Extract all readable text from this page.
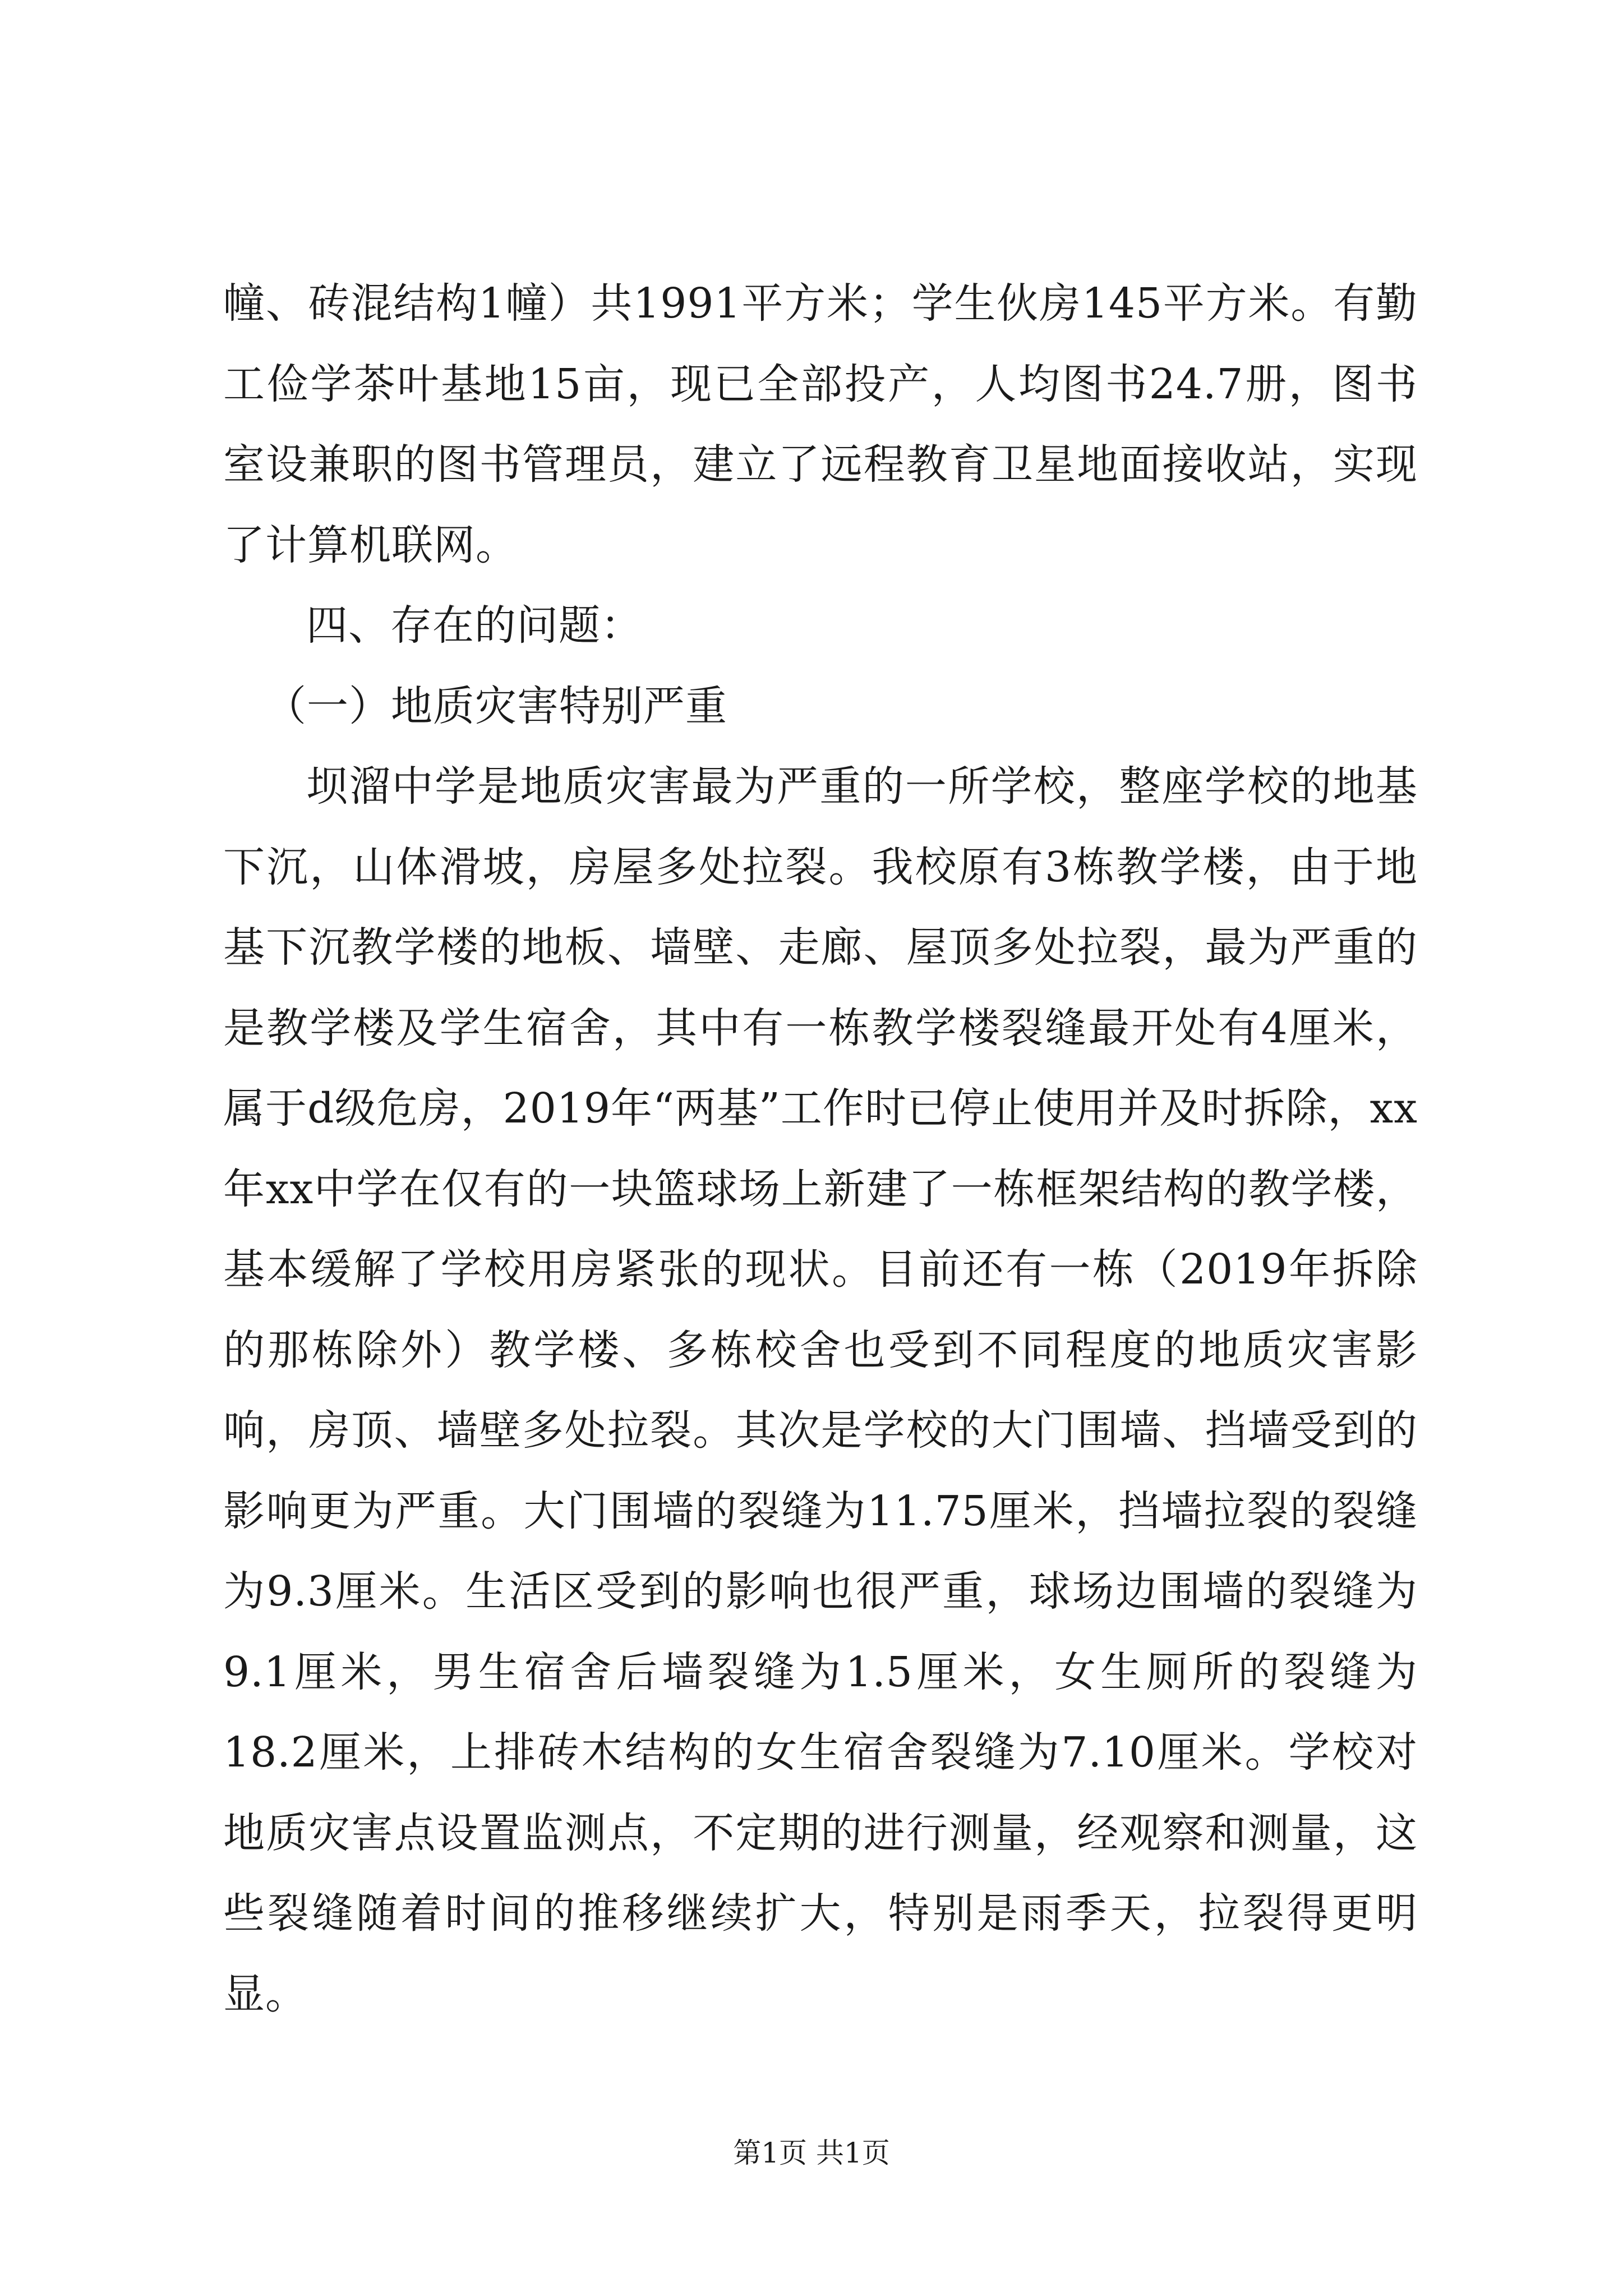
幢、砖混结构1幢）共1991平方米；学生伙房145平方米。有勤工俭学茶叶基地15亩，现已全部投产，人均图书24.7册，图书室设兼职的图书管理员，建立了远程教育卫星地面接收站，实现了计算机联网。

四、存在的问题：

（一）地质灾害特别严重

坝溜中学是地质灾害最为严重的一所学校，整座学校的地基下沉，山体滑坡，房屋多处拉裂。我校原有3栋教学楼，由于地基下沉教学楼的地板、墙壁、走廊、屋顶多处拉裂，最为严重的是教学楼及学生宿舍，其中有一栋教学楼裂缝最开处有4厘米，属于d级危房，2019年“两基”工作时已停止使用并及时拆除，xx年xx中学在仅有的一块篮球场上新建了一栋框架结构的教学楼，基本缓解了学校用房紧张的现状。目前还有一栋（2019年拆除的那栋除外）教学楼、多栋校舍也受到不同程度的地质灾害影响，房顶、墙壁多处拉裂。其次是学校的大门围墙、挡墙受到的影响更为严重。大门围墙的裂缝为11.75厘米，挡墙拉裂的裂缝为9.3厘米。生活区受到的影响也很严重，球场边围墙的裂缝为9.1厘米，男生宿舍后墙裂缝为1.5厘米，女生厕所的裂缝为18.2厘米，上排砖木结构的女生宿舍裂缝为7.10厘米。学校对地质灾害点设置监测点，不定期的进行测量，经观察和测量，这些裂缝随着时间的推移继续扩大，特别是雨季天，拉裂得更明显。

第1页 共1页
